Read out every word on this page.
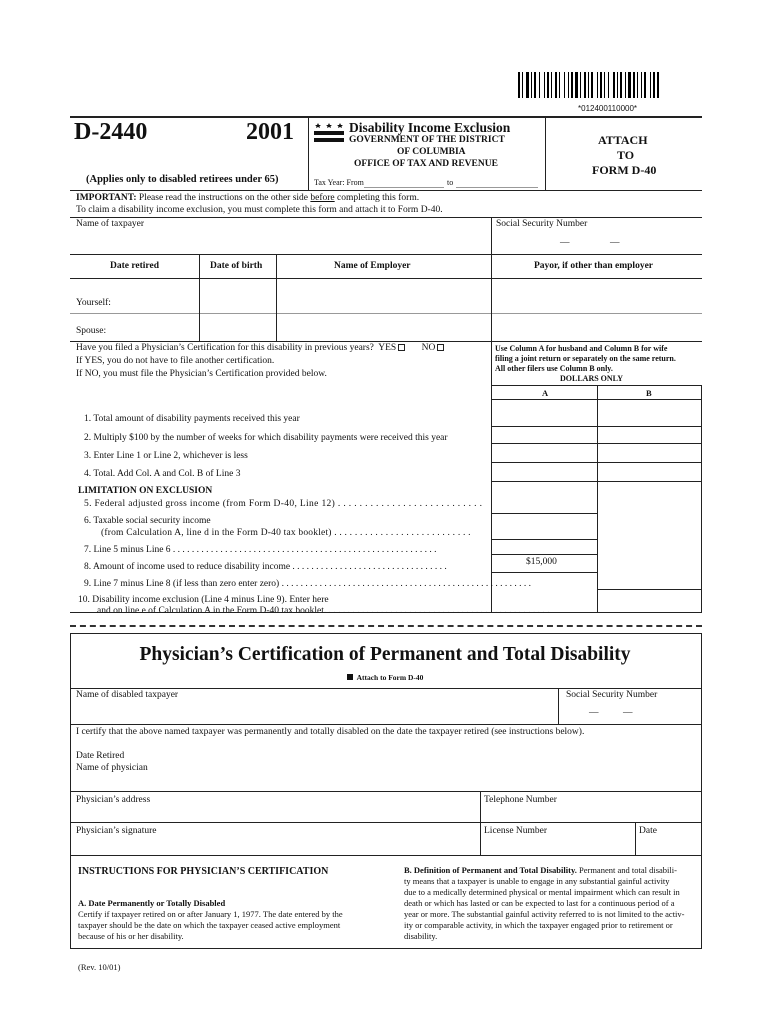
*012400110000*
D-2440	2001	Disability Income Exclusion
GOVERNMENT OF THE DISTRICT
OF COLUMBIA
OFFICE OF TAX AND REVENUE
ATTACH
TO
FORM D-40
(Applies only to disabled retirees under 65)	Tax Year: From	to
IMPORTANT: Please read the instructions on the other side before completing this form.
To claim a disability income exclusion, you must complete this form and attach it to Form D-40.
Name of taxpayer	Social Security Number
—	—
Date retired	Date of birth	Name of Employer	Payor, if other than employer
Yourself:
Spouse:
Have you filed a Physician’s Certification for this disability in previous years? YES	NO
If YES, you do not have to file another certification.
If NO, you must file the Physician’s Certification provided below.
Use Column A for husband and Column B for wife
filing a joint return or separately on the same return.
All other filers use Column B only.
DOLLARS ONLY
A	B
1. Total amount of disability payments received this year
2. Multiply $100 by the number of weeks for which disability payments were received this year
3. Enter Line 1 or Line 2, whichever is less
4. Total. Add Col. A and Col. B of Line 3
LIMITATION ON EXCLUSION
5. Federal adjusted gross income (from Form D-40, Line 12) . . . . . . . . . . . . . . . . . . . . . . . . . . .
6. Taxable social security income
(from Calculation A, line d in the Form D-40 tax booklet) . . . . . . . . . . . . . . . . . . . . . . . . . . .
7. Line 5 minus Line 6 . . . . . . . . . . . . . . . . . . . . . . . . . . . . . . . . . . . . . . . . . . . . . . . . . . . . . . . .
8. Amount of income used to reduce disability income . . . . . . . . . . . . . . . . . . . . . . . . . . . . . . . . .	$15,000
9. Line 7 minus Line 8 (if less than zero enter zero) . . . . . . . . . . . . . . . . . . . . . . . . . . . . . . . . . . . . . . . . . . . . . . . . . . . . .
10. Disability income exclusion (Line 4 minus Line 9). Enter here
and on line e of Calculation A in the Form D-40 tax booklet. . . . . . . . . . . . . . . . . . . . . . . . . . . . . . . . . . . . . . . . . . . . . . . .
Physician’s Certification of Permanent and Total Disability
Attach to Form D-40
Name of disabled taxpayer	Social Security Number
—	—
I certify that the above named taxpayer was permanently and totally disabled on the date the taxpayer retired (see instructions below).
Date Retired
Name of physician
Physician’s address	Telephone Number
Physician’s signature	License Number	Date
INSTRUCTIONS FOR PHYSICIAN’S CERTIFICATION
A. Date Permanently or Totally Disabled
Certify if taxpayer retired on or after January 1, 1977. The date entered by the
taxpayer should be the date on which the taxpayer ceased active employment
because of his or her disability.
B. Definition of Permanent and Total Disability. Permanent and total disabili-
ty means that a taxpayer is unable to engage in any substantial gainful activity
due to a medically determined physical or mental impairment which can result in
death or which has lasted or can be expected to last for a continuous period of a
year or more. The substantial gainful activity referred to is not limited to the activ-
ity or comparable activity, in which the taxpayer engaged prior to retirement or
disability.
(Rev. 10/01)
